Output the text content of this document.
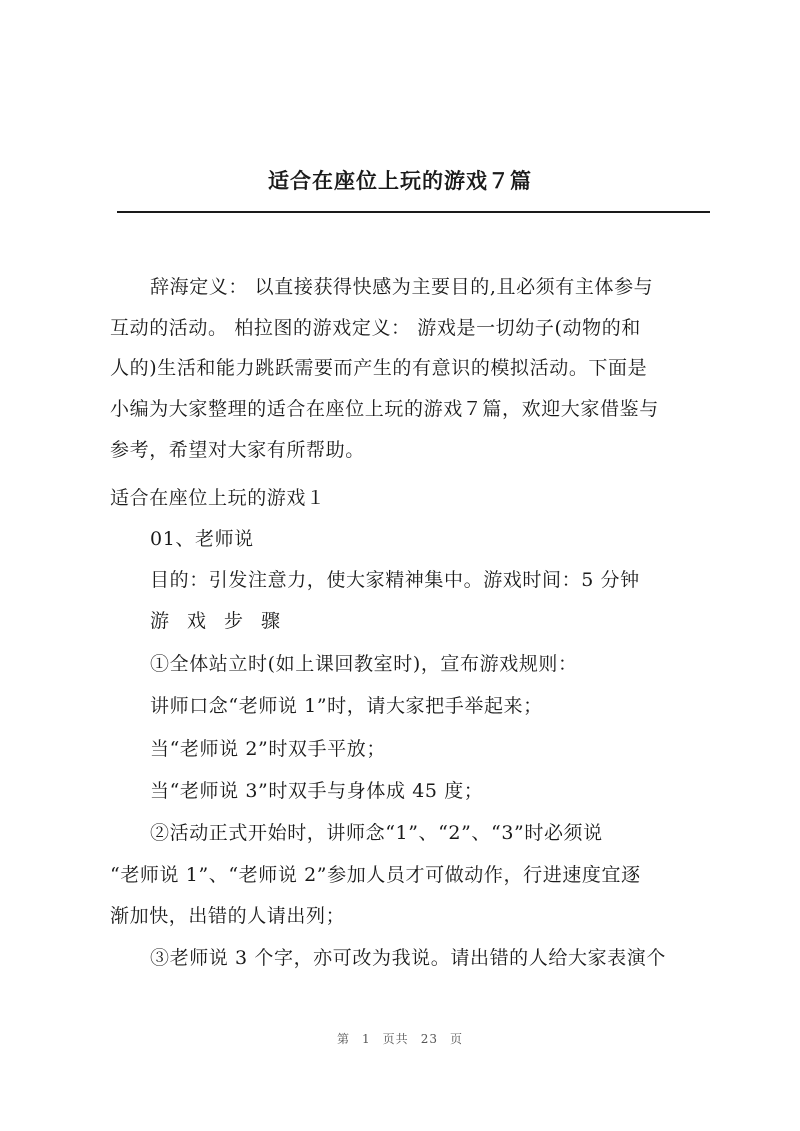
适合在座位上玩的游戏７篇
辞海定义： 以直接获得快感为主要目的,且必须有主体参与
互动的活动。 柏拉图的游戏定义： 游戏是一切幼子(动物的和
人的)生活和能力跳跃需要而产生的有意识的模拟活动。下面是
小编为大家整理的适合在座位上玩的游戏７篇，欢迎大家借鉴与
参考，希望对大家有所帮助。
适合在座位上玩的游戏１
01、老师说
目的：引发注意力，使大家精神集中。游戏时间：5 分钟
游戏步骤
①全体站立时(如上课回教室时)，宣布游戏规则：
讲师口念“老师说 1”时，请大家把手举起来；
当“老师说 2”时双手平放；
当“老师说 3”时双手与身体成 45 度；
②活动正式开始时，讲师念“1”、“2”、“3”时必须说
“老师说 1”、“老师说 2”参加人员才可做动作，行进速度宜逐
渐加快，出错的人请出列；
③老师说 3 个字，亦可改为我说。请出错的人给大家表演个
第 1 页共 23 页
